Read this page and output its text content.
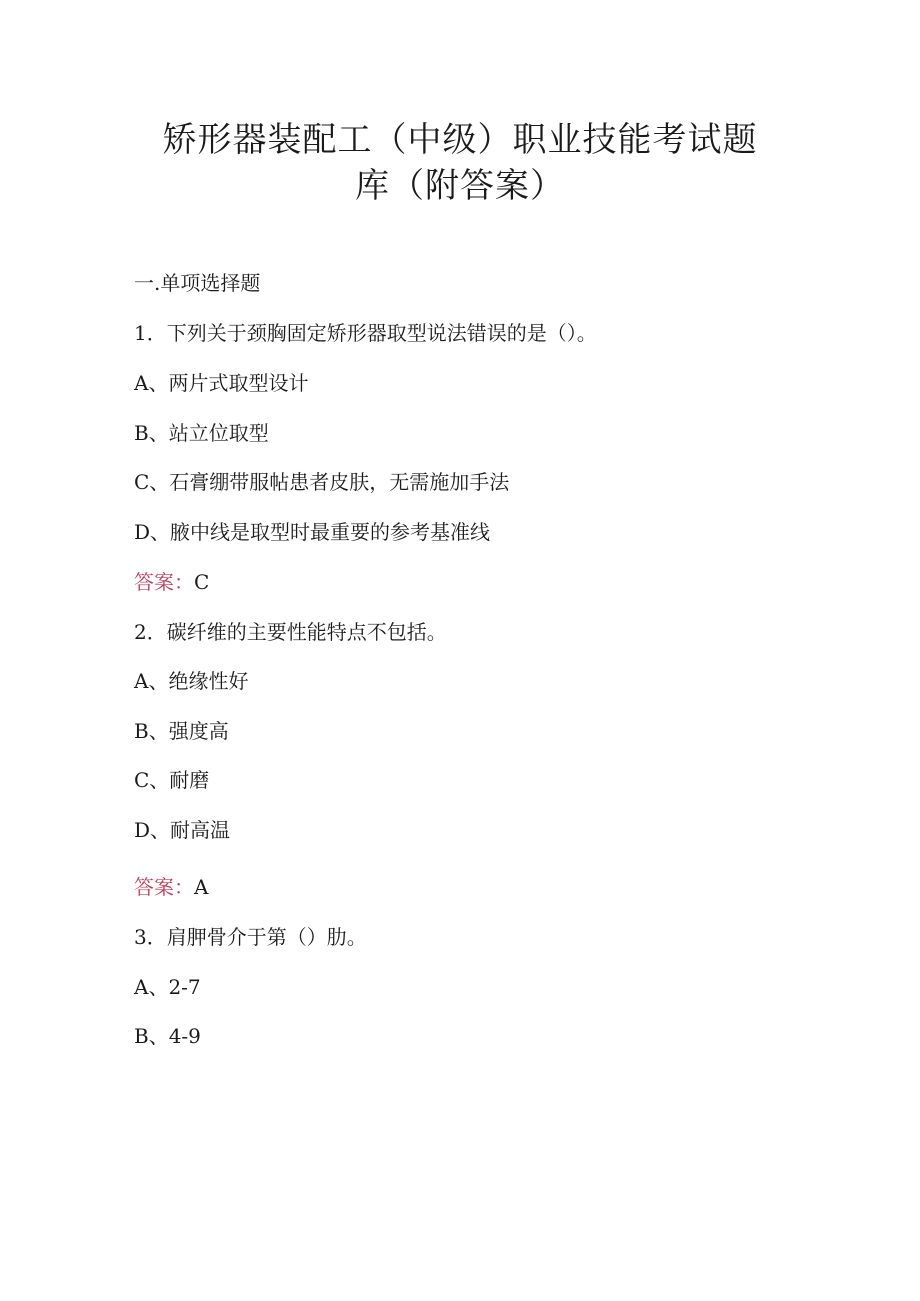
矫形器装配工（中级）职业技能考试题
库（附答案）
一.单项选择题
1．下列关于颈胸固定矫形器取型说法错误的是（）。
A、两片式取型设计
B、站立位取型
C、石膏绷带服帖患者皮肤，无需施加手法
D、腋中线是取型时最重要的参考基准线
答案：C
2．碳纤维的主要性能特点不包括。
A、绝缘性好
B、强度高
C、耐磨
D、耐高温
答案：A
3．肩胛骨介于第（）肋。
A、2-7
B、4-9
